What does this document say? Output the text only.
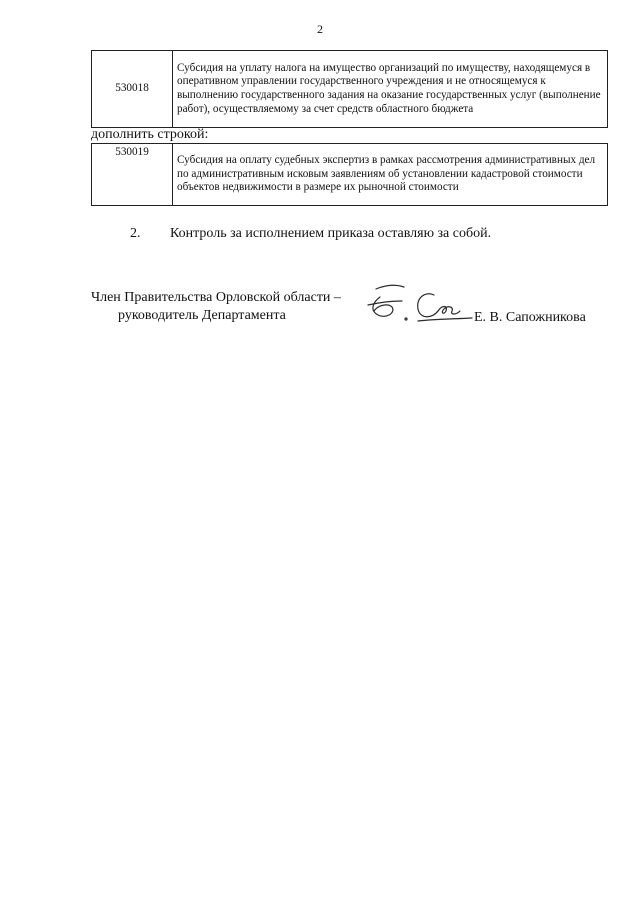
2
530018	Субсидия на уплату налога на имущество организаций по имуществу, находящемуся в оперативном управлении государственного учреждения и не относящемуся к выполнению государственного задания на оказание государственных услуг (выполнение работ), осуществляемому за счет средств областного бюджета
дополнить строкой:
530019	Субсидия на оплату судебных экспертиз в рамках рассмотрения административных дел по административным исковым заявлениям об установлении кадастровой стоимости объектов недвижимости в размере их рыночной стоимости
2. Контроль за исполнением приказа оставляю за собой.
Член Правительства Орловской области –
руководитель Департамента	Е. В. Сапожникова
